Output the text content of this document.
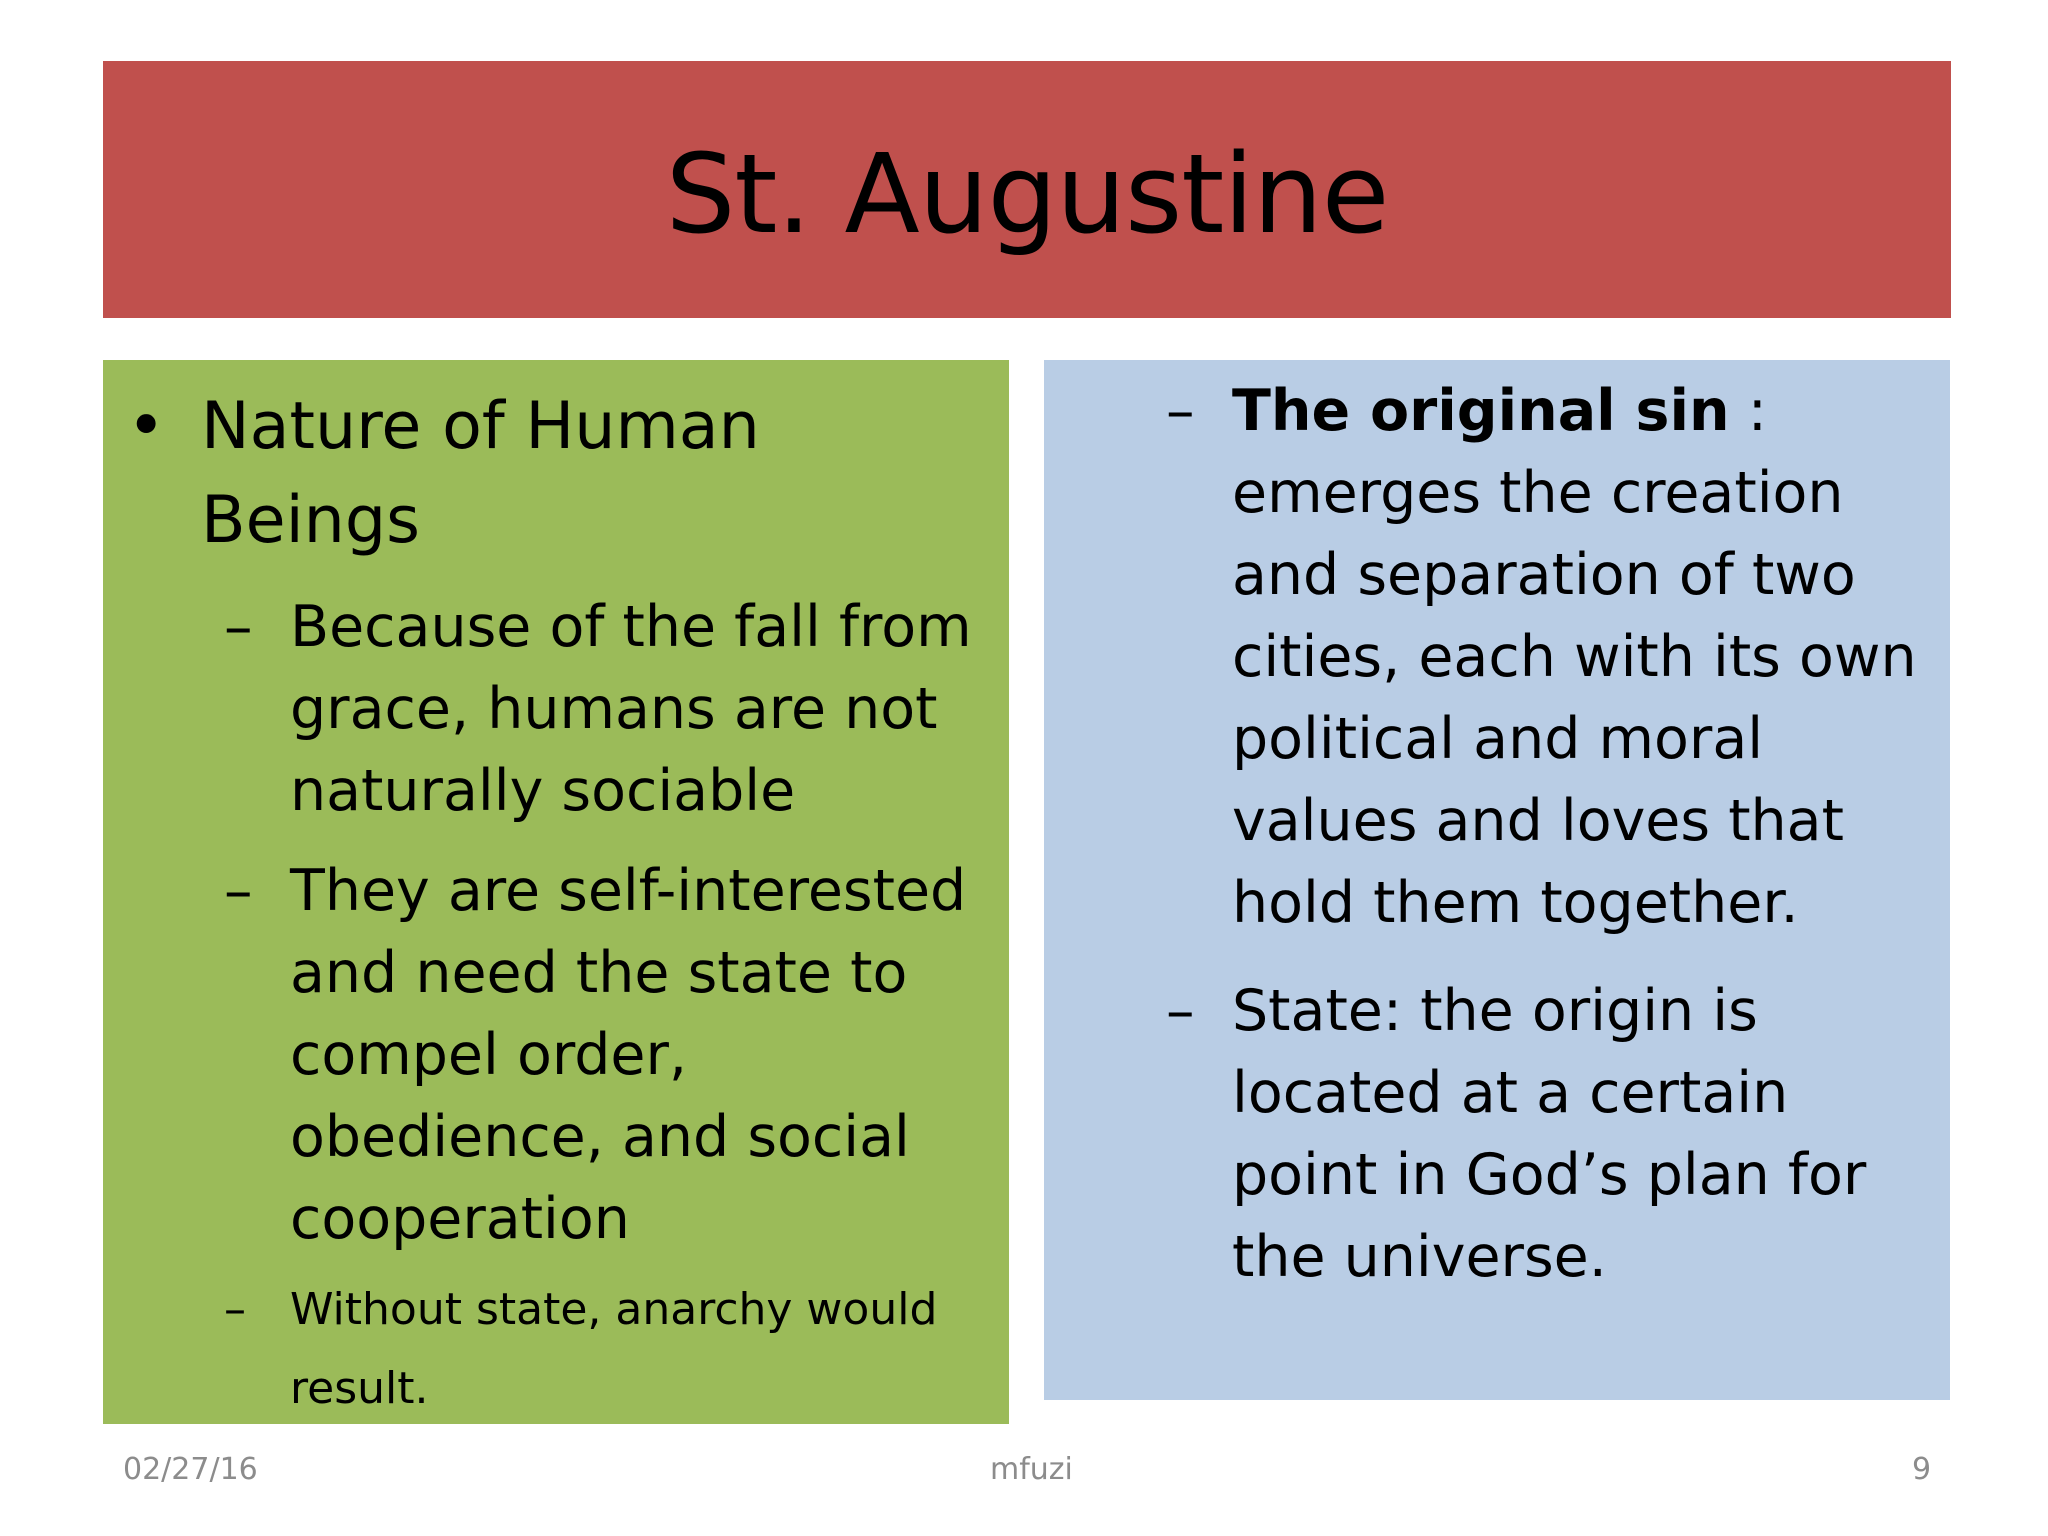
St. Augustine
• Nature of Human Beings
– Because of the fall from grace, humans are not naturally sociable
– They are self-interested and need the state to compel order, obedience, and social cooperation
– Without state, anarchy would result.
– The original sin : emerges the creation and separation of two cities, each with its own political and moral values and loves that hold them together.
– State: the origin is located at a certain point in God’s plan for the universe.
02/27/16	mfuzi	9
